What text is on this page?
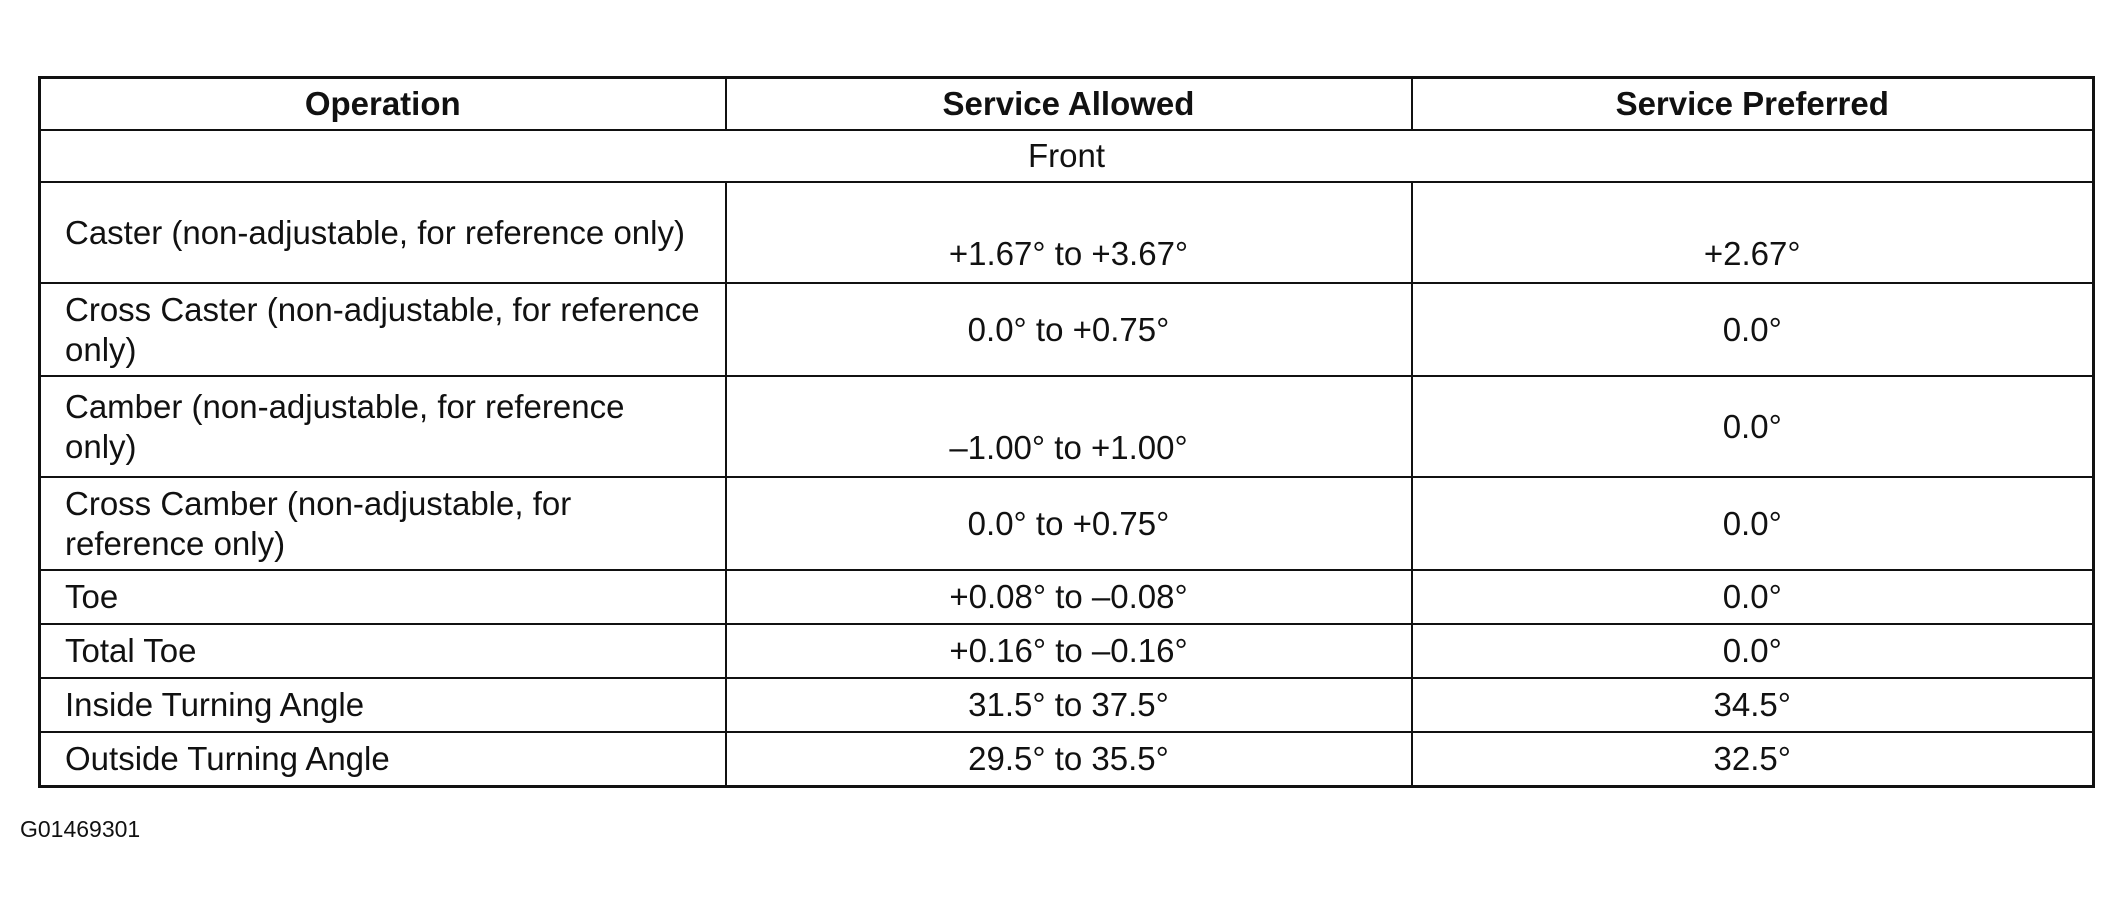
Operation	Service Allowed	Service Preferred
Front		
Caster (non-adjustable, for reference only)	+1.67° to +3.67°	+2.67°
Cross Caster (non-adjustable, for reference only)	0.0° to +0.75°	0.0°
Camber (non-adjustable, for reference only)	–1.00° to +1.00°	0.0°
Cross Camber (non-adjustable, for reference only)	0.0° to +0.75°	0.0°
Toe	+0.08° to –0.08°	0.0°
Total Toe	+0.16° to –0.16°	0.0°
Inside Turning Angle	31.5° to 37.5°	34.5°
Outside Turning Angle	29.5° to 35.5°	32.5°
G01469301
